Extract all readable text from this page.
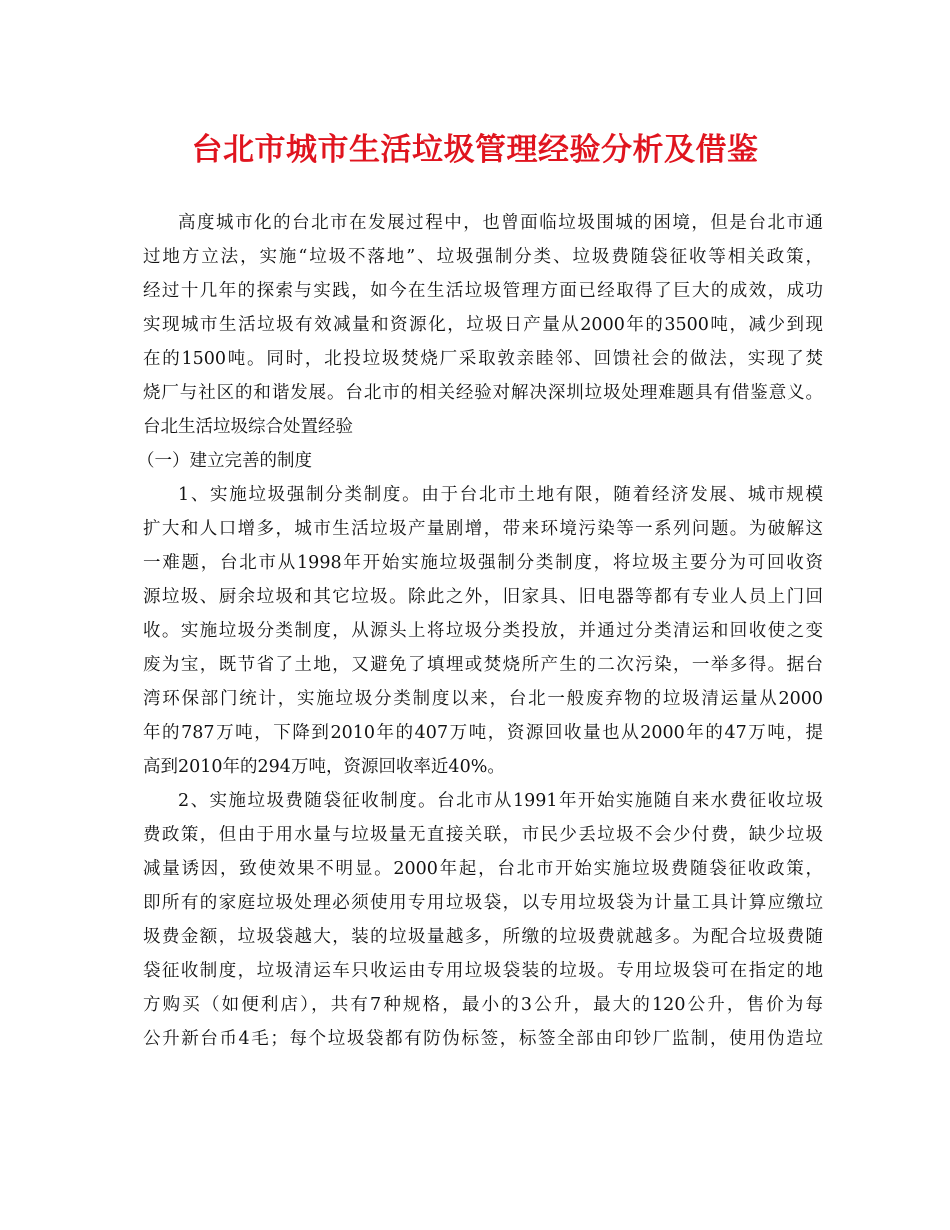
台北市城市生活垃圾管理经验分析及借鉴
高度城市化的台北市在发展过程中，也曾面临垃圾围城的困境，但是台北市通
过地方立法，实施“垃圾不落地”、垃圾强制分类、垃圾费随袋征收等相关政策，
经过十几年的探索与实践，如今在生活垃圾管理方面已经取得了巨大的成效，成功
实现城市生活垃圾有效减量和资源化，垃圾日产量从2000年的3500吨，减少到现
在的1500吨。同时，北投垃圾焚烧厂采取敦亲睦邻、回馈社会的做法，实现了焚
烧厂与社区的和谐发展。台北市的相关经验对解决深圳垃圾处理难题具有借鉴意义。
台北生活垃圾综合处置经验
（一）建立完善的制度
1、实施垃圾强制分类制度。由于台北市土地有限，随着经济发展、城市规模
扩大和人口增多，城市生活垃圾产量剧增，带来环境污染等一系列问题。为破解这
一难题，台北市从1998年开始实施垃圾强制分类制度，将垃圾主要分为可回收资
源垃圾、厨余垃圾和其它垃圾。除此之外，旧家具、旧电器等都有专业人员上门回
收。实施垃圾分类制度，从源头上将垃圾分类投放，并通过分类清运和回收使之变
废为宝，既节省了土地，又避免了填埋或焚烧所产生的二次污染，一举多得。据台
湾环保部门统计，实施垃圾分类制度以来，台北一般废弃物的垃圾清运量从2000
年的787万吨，下降到2010年的407万吨，资源回收量也从2000年的47万吨，提
高到2010年的294万吨，资源回收率近40%。
2、实施垃圾费随袋征收制度。台北市从1991年开始实施随自来水费征收垃圾
费政策，但由于用水量与垃圾量无直接关联，市民少丢垃圾不会少付费，缺少垃圾
减量诱因，致使效果不明显。2000年起，台北市开始实施垃圾费随袋征收政策，
即所有的家庭垃圾处理必须使用专用垃圾袋，以专用垃圾袋为计量工具计算应缴垃
圾费金额，垃圾袋越大，装的垃圾量越多，所缴的垃圾费就越多。为配合垃圾费随
袋征收制度，垃圾清运车只收运由专用垃圾袋装的垃圾。专用垃圾袋可在指定的地
方购买（如便利店），共有7种规格，最小的3公升，最大的120公升，售价为每
公升新台币4毛；每个垃圾袋都有防伪标签，标签全部由印钞厂监制，使用伪造垃
